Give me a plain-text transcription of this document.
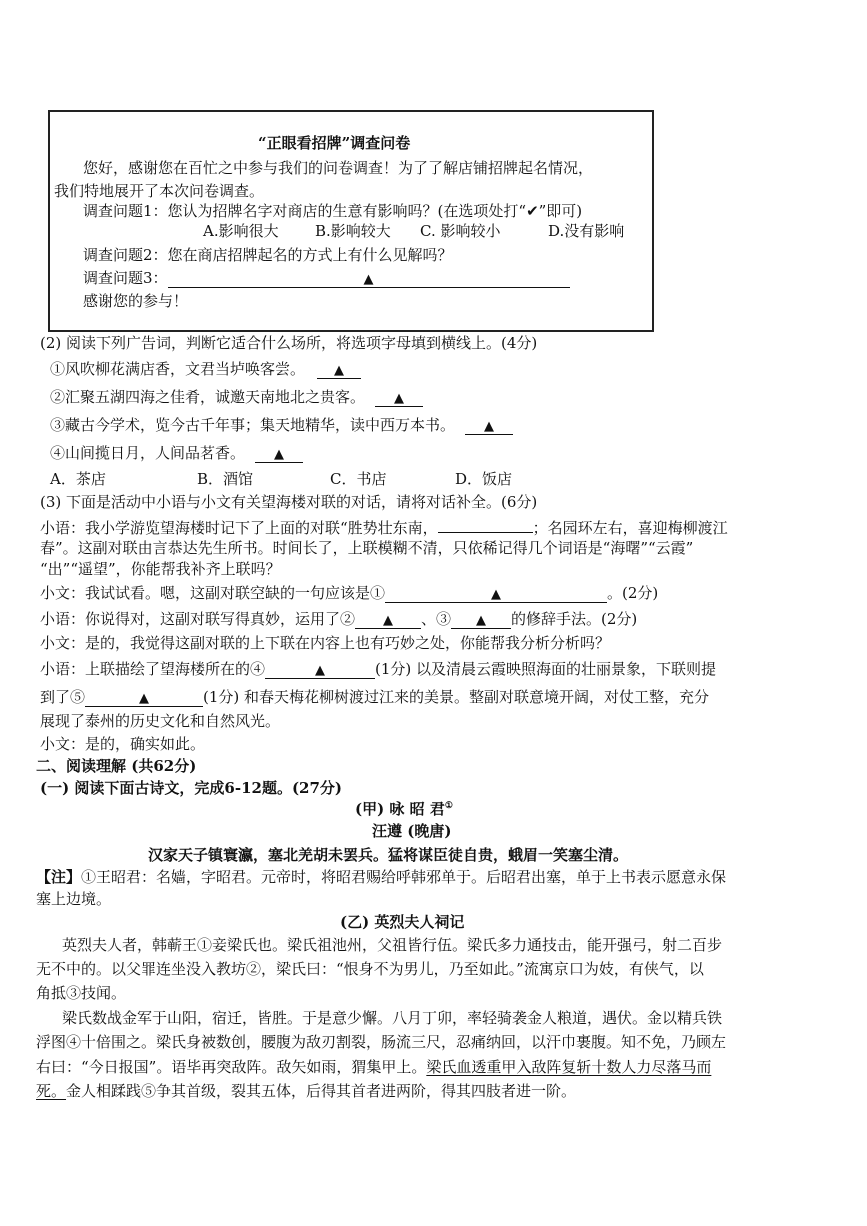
“正眼看招牌”调查问卷
您好，感谢您在百忙之中参与我们的问卷调查！为了了解店铺招牌起名情况，
我们特地展开了本次问卷调查。
调查问题1：您认为招牌名字对商店的生意有影响吗？(在选项处打“✔”即可)
A.影响很大 B.影响较大 C. 影响较小	D.没有影响
调查问题2：您在商店招牌起名的方式上有什么见解吗？
调查问题3：	▲
感谢您的参与！
(2) 阅读下列广告词，判断它适合什么场所，将选项字母填到横线上。(4分)
①风吹柳花满店香，文君当垆唤客尝。 ▲
②汇聚五湖四海之佳肴，诚邀天南地北之贵客。 ▲
③藏古今学术，览今古千年事；集天地精华，读中西万本书。 ▲
④山间揽日月，人间品茗香。 ▲
A．茶店	B．酒馆	C．书店	D．饭店
(3) 下面是活动中小语与小文有关望海楼对联的对话，请将对话补全。(6分)
小语：我小学游览望海楼时记下了上面的对联“胜势壮东南，	；名园环左右，喜迎梅柳渡江
春”。这副对联由言恭达先生所书。时间长了，上联模糊不清，只依稀记得几个词语是“海曙”“云霞”
“出”“遥望”，你能帮我补齐上联吗？
小文：我试试看。嗯，这副对联空缺的一句应该是①	▲	。(2分)
小语：你说得对，这副对联写得真妙，运用了② ▲ 、③ ▲ 的修辞手法。(2分)
小文：是的，我觉得这副对联的上下联在内容上也有巧妙之处，你能帮我分析分析吗？
小语：上联描绘了望海楼所在的④	▲	(1分) 以及清晨云霞映照海面的壮丽景象，下联则提
到了⑤	▲	(1分) 和春天梅花柳树渡过江来的美景。整副对联意境开阔，对仗工整，充分
展现了泰州的历史文化和自然风光。
小文：是的，确实如此。
二、阅读理解 (共62分)
(一) 阅读下面古诗文，完成6-12题。(27分)
(甲) 咏 昭 君①
汪遵 (晚唐)
汉家天子镇寰瀛，塞北羌胡未罢兵。猛将谋臣徒自贵，蛾眉一笑塞尘清。
【注】①王昭君：名嫱，字昭君。元帝时，将昭君赐给呼韩邪单于。后昭君出塞，单于上书表示愿意永保
塞上边境。
(乙) 英烈夫人祠记
英烈夫人者，韩蕲王①妾梁氏也。梁氏祖池州，父祖皆行伍。梁氏多力通技击，能开强弓，射二百步
无不中的。以父罪连坐没入教坊②，梁氏曰：“恨身不为男儿，乃至如此。”流寓京口为妓，有侠气，以
角抵③技闻。
梁氏数战金军于山阳，宿迁，皆胜。于是意少懈。八月丁卯，率轻骑袭金人粮道，遇伏。金以精兵铁
浮图④十倍围之。梁氏身被数创，腰腹为敌刃割裂，肠流三尺，忍痛纳回，以汗巾裹腹。知不免，乃顾左
右曰：“今日报国”。语毕再突敌阵。敌矢如雨，猬集甲上。梁氏血透重甲入敌阵复斩十数人力尽落马而
死。金人相蹂践⑤争其首级，裂其五体，后得其首者进两阶，得其四肢者进一阶。
